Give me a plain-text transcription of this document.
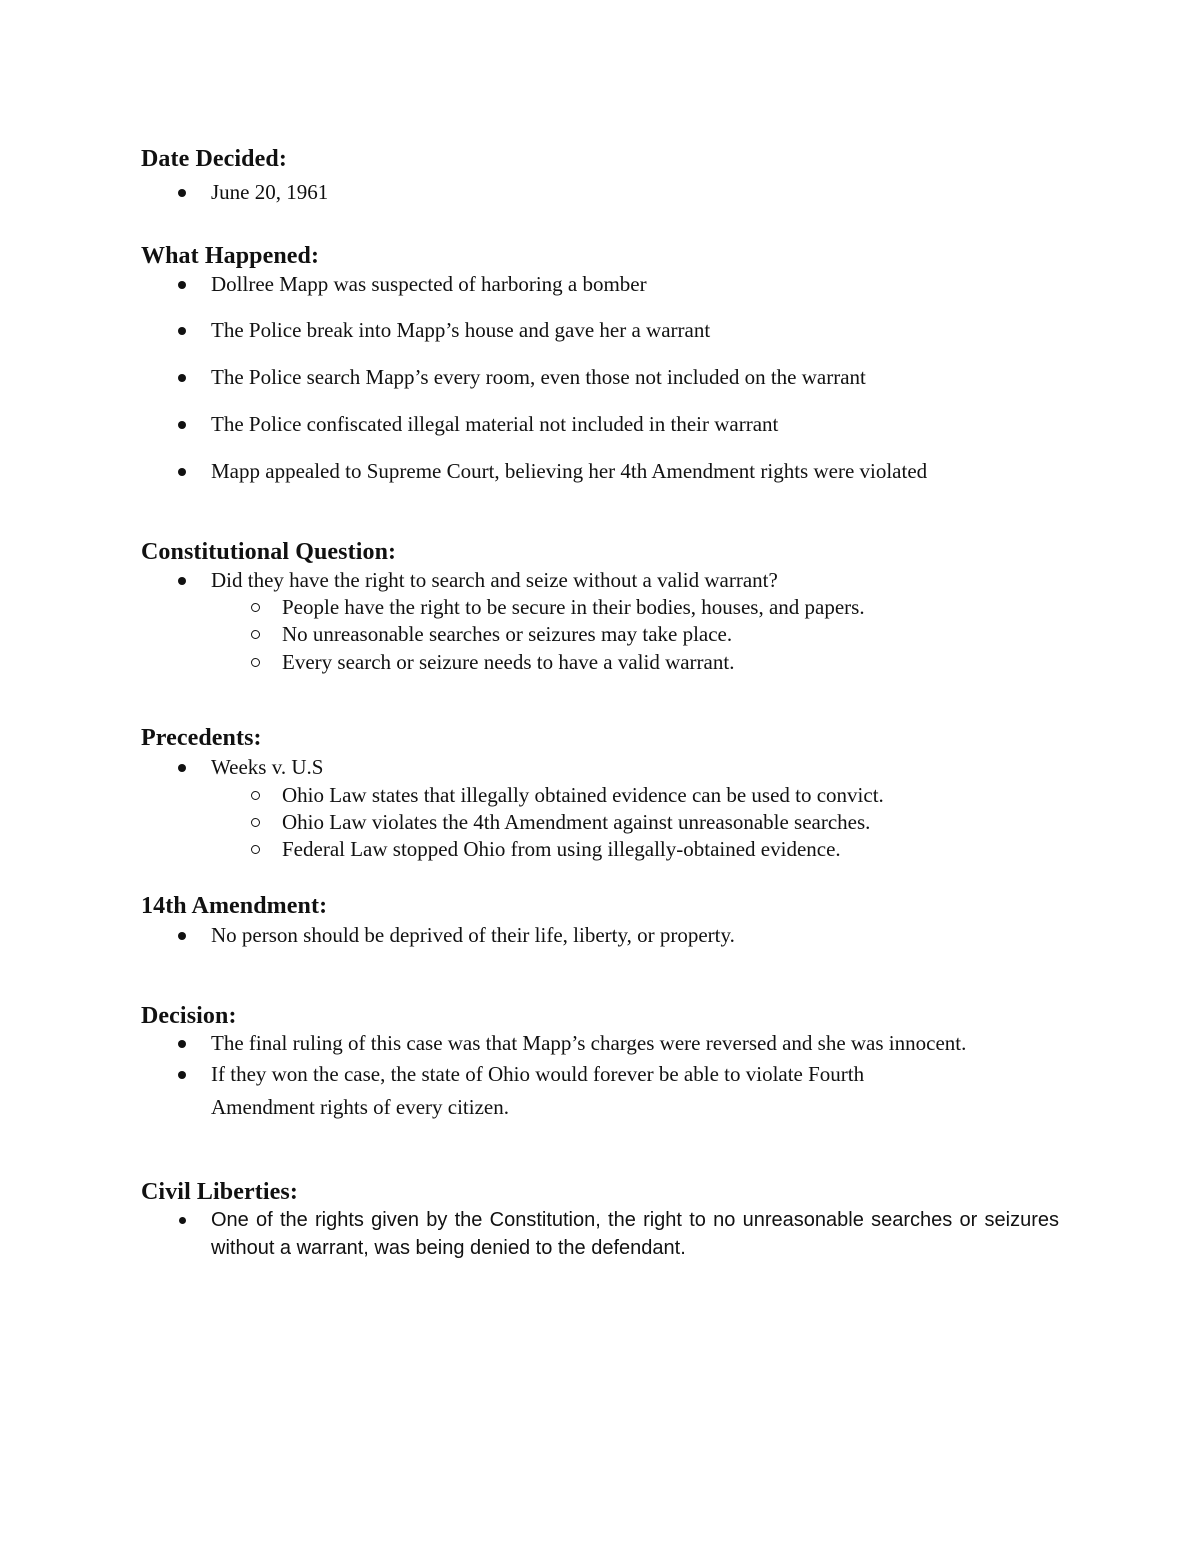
Date Decided:
June 20, 1961
What Happened:
Dollree Mapp was suspected of harboring a bomber
The Police break into Mapp’s house and gave her a warrant
The Police search Mapp’s every room, even those not included on the warrant
The Police confiscated illegal material not included in their warrant
Mapp appealed to Supreme Court, believing her 4th Amendment rights were violated
Constitutional Question:
Did they have the right to search and seize without a valid warrant?
People have the right to be secure in their bodies, houses, and papers.
No unreasonable searches or seizures may take place.
Every search or seizure needs to have a valid warrant.
Precedents:
Weeks v. U.S
Ohio Law states that illegally obtained evidence can be used to convict.
Ohio Law violates the 4th Amendment against unreasonable searches.
Federal Law stopped Ohio from using illegally-obtained evidence.
14th Amendment:
No person should be deprived of their life, liberty, or property.
Decision:
The final ruling of this case was that Mapp’s charges were reversed and she was innocent.
If they won the case, the state of Ohio would forever be able to violate Fourth Amendment rights of every citizen.
Civil Liberties:
One of the rights given by the Constitution, the right to no unreasonable searches or seizures without a warrant, was being denied to the defendant.
